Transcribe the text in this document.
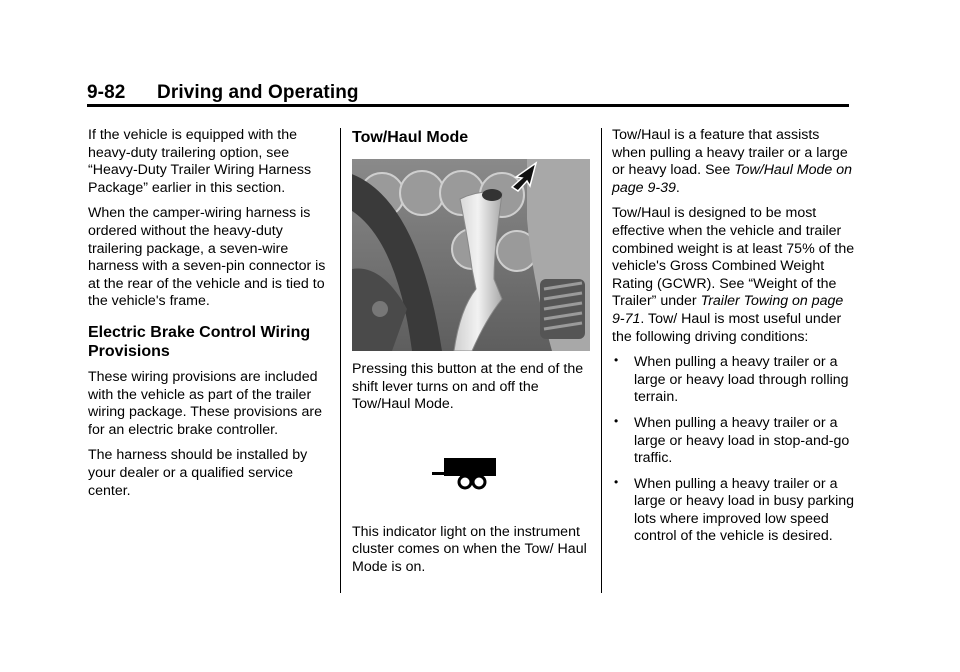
9-82 Driving and Operating

If the vehicle is equipped with the heavy-duty trailering option, see “Heavy-Duty Trailer Wiring Harness Package” earlier in this section.

When the camper-wiring harness is ordered without the heavy-duty trailering package, a seven-wire harness with a seven-pin connector is at the rear of the vehicle and is tied to the vehicle's frame.

Electric Brake Control Wiring Provisions

These wiring provisions are included with the vehicle as part of the trailer wiring package. These provisions are for an electric brake controller.

The harness should be installed by your dealer or a qualified service center.

Tow/Haul Mode

Pressing this button at the end of the shift lever turns on and off the Tow/Haul Mode.

This indicator light on the instrument cluster comes on when the Tow/ Haul Mode is on.

Tow/Haul is a feature that assists when pulling a heavy trailer or a large or heavy load. See Tow/Haul Mode on page 9-39.

Tow/Haul is designed to be most effective when the vehicle and trailer combined weight is at least 75% of the vehicle's Gross Combined Weight Rating (GCWR). See “Weight of the Trailer” under Trailer Towing on page 9-71. Tow/ Haul is most useful under the following driving conditions:

• When pulling a heavy trailer or a large or heavy load through rolling terrain.
• When pulling a heavy trailer or a large or heavy load in stop-and-go traffic.
• When pulling a heavy trailer or a large or heavy load in busy parking lots where improved low speed control of the vehicle is desired.
